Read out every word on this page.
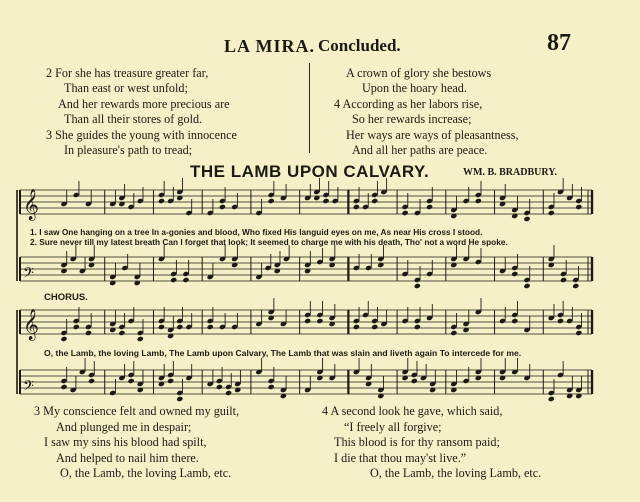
LA MIRA. Concluded.	87
2 For she has treasure greater far,
Than east or west unfold;
And her rewards more precious are
Than all their stores of gold.
3 She guides the young with innocence
In pleasure's path to tread;
A crown of glory she bestows
Upon the hoary head.
4 According as her labors rise,
So her rewards increase;
Her ways are ways of pleasantness,
And all her paths are peace.
THE LAMB UPON CALVARY.	WM. B. BRADBURY.
𝄞
𝄢
𝄞
𝄢
1. I saw One hanging on a tree In a-gonies and blood, Who fixed His languid eyes on me, As near His cross I stood.
2. Sure never till my latest breath Can I forget that look; It seemed to charge me with his death, Tho' not a word He spoke.
CHORUS.
O, the Lamb, the loving Lamb, The Lamb upon Calvary, The Lamb that was slain and liveth again To intercede for me.
3 My conscience felt and owned my guilt,
And plunged me in despair;
I saw my sins his blood had spilt,
And helped to nail him there.
O, the Lamb, the loving Lamb, etc.
4 A second look he gave, which said,
“I freely all forgive;
This blood is for thy ransom paid;
I die that thou may'st live.”
O, the Lamb, the loving Lamb, etc.
